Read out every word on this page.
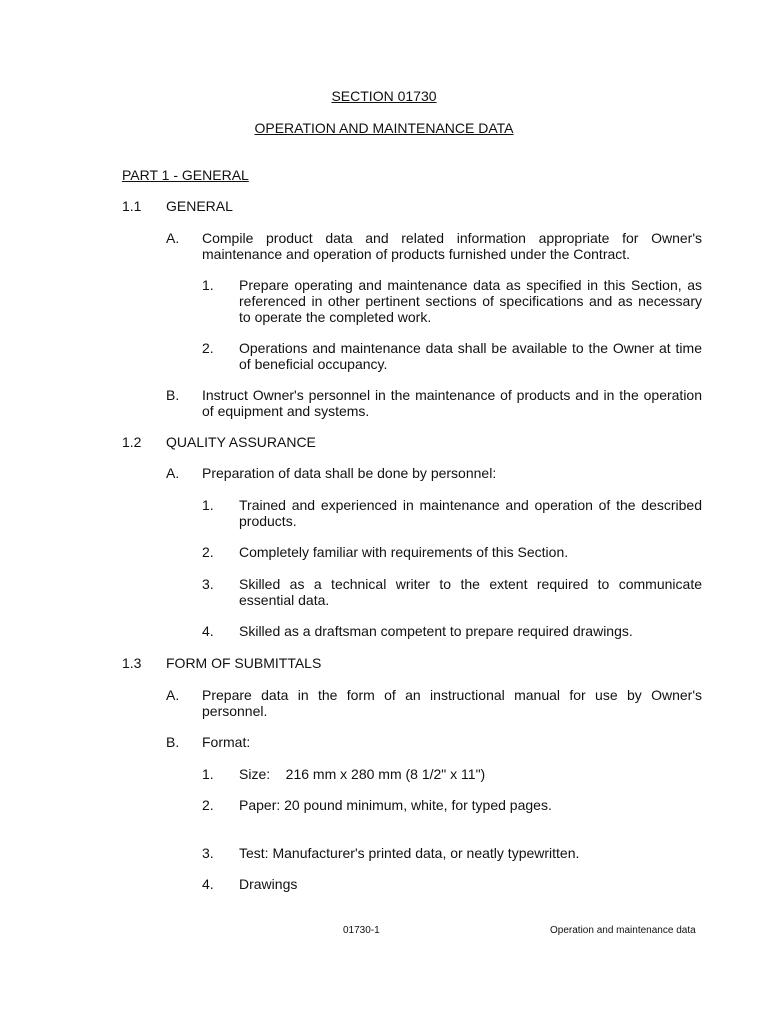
SECTION 01730
OPERATION AND MAINTENANCE DATA
PART 1 - GENERAL
1.1 GENERAL
A. Compile product data and related information appropriate for Owner's maintenance and operation of products furnished under the Contract.
1. Prepare operating and maintenance data as specified in this Section, as referenced in other pertinent sections of specifications and as necessary to operate the completed work.
2. Operations and maintenance data shall be available to the Owner at time of beneficial occupancy.
B. Instruct Owner's personnel in the maintenance of products and in the operation of equipment and systems.
1.2 QUALITY ASSURANCE
A. Preparation of data shall be done by personnel:
1. Trained and experienced in maintenance and operation of the described products.
2. Completely familiar with requirements of this Section.
3. Skilled as a technical writer to the extent required to communicate essential data.
4. Skilled as a draftsman competent to prepare required drawings.
1.3 FORM OF SUBMITTALS
A. Prepare data in the form of an instructional manual for use by Owner's personnel.
B. Format:
1. Size:    216 mm x 280 mm (8 1/2" x 11")
2. Paper: 20 pound minimum, white, for typed pages.
3. Test: Manufacturer's printed data, or neatly typewritten.
4. Drawings
01730-1	Operation and maintenance data
